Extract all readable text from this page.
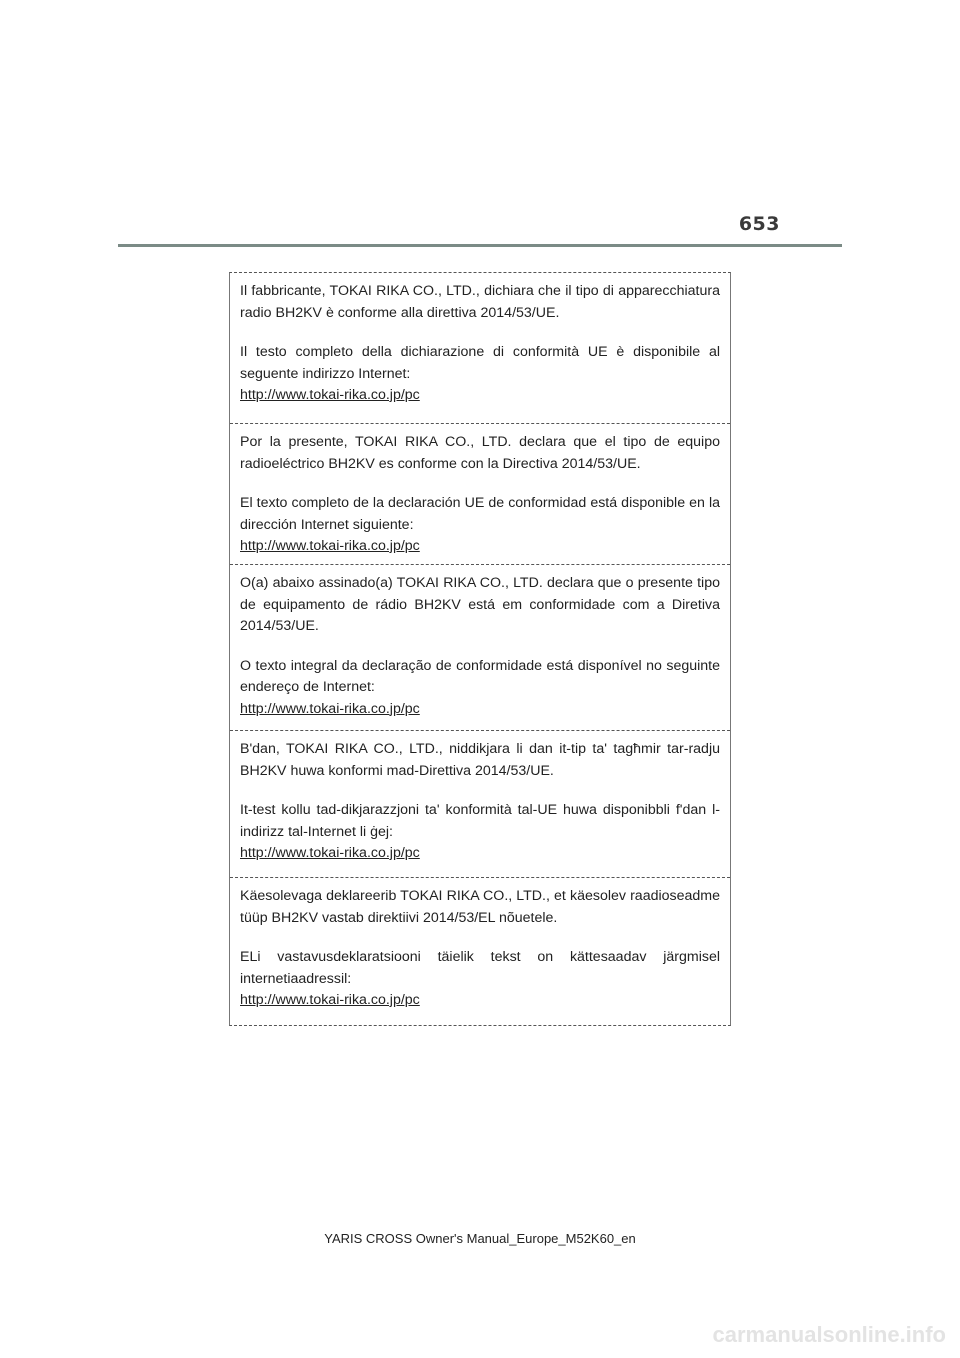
653

Il fabbricante, TOKAI RIKA CO., LTD., dichiara che il tipo di apparecchiatura radio BH2KV è conforme alla direttiva 2014/53/UE.

Il testo completo della dichiarazione di conformità UE è disponibile al seguente indirizzo Internet:

http://www.tokai-rika.co.jp/pc

Por la presente, TOKAI RIKA CO., LTD. declara que el tipo de equipo radioeléctrico BH2KV es conforme con la Directiva 2014/53/UE.

El texto completo de la declaración UE de conformidad está disponible en la dirección Internet siguiente:

http://www.tokai-rika.co.jp/pc

O(a) abaixo assinado(a) TOKAI RIKA CO., LTD. declara que o presente tipo de equipamento de rádio BH2KV está em conformidade com a Diretiva 2014/53/UE.

O texto integral da declaração de conformidade está disponível no seguinte endereço de Internet:

http://www.tokai-rika.co.jp/pc

B'dan, TOKAI RIKA CO., LTD., niddikjara li dan it-tip ta' tagħmir tar-radju BH2KV huwa konformi mad-Direttiva 2014/53/UE.

It-test kollu tad-dikjarazzjoni ta' konformità tal-UE huwa disponibbli f'dan l-indirizz tal-Internet li ġej:

http://www.tokai-rika.co.jp/pc

Käesolevaga deklareerib TOKAI RIKA CO., LTD., et käesolev raadioseadme tüüp BH2KV vastab direktiivi 2014/53/EL nõuetele.

ELi vastavusdeklaratsiooni täielik tekst on kättesaadav järgmisel internetiaadressil:

http://www.tokai-rika.co.jp/pc

YARIS CROSS Owner's Manual_Europe_M52K60_en
carmanualsonline.info
